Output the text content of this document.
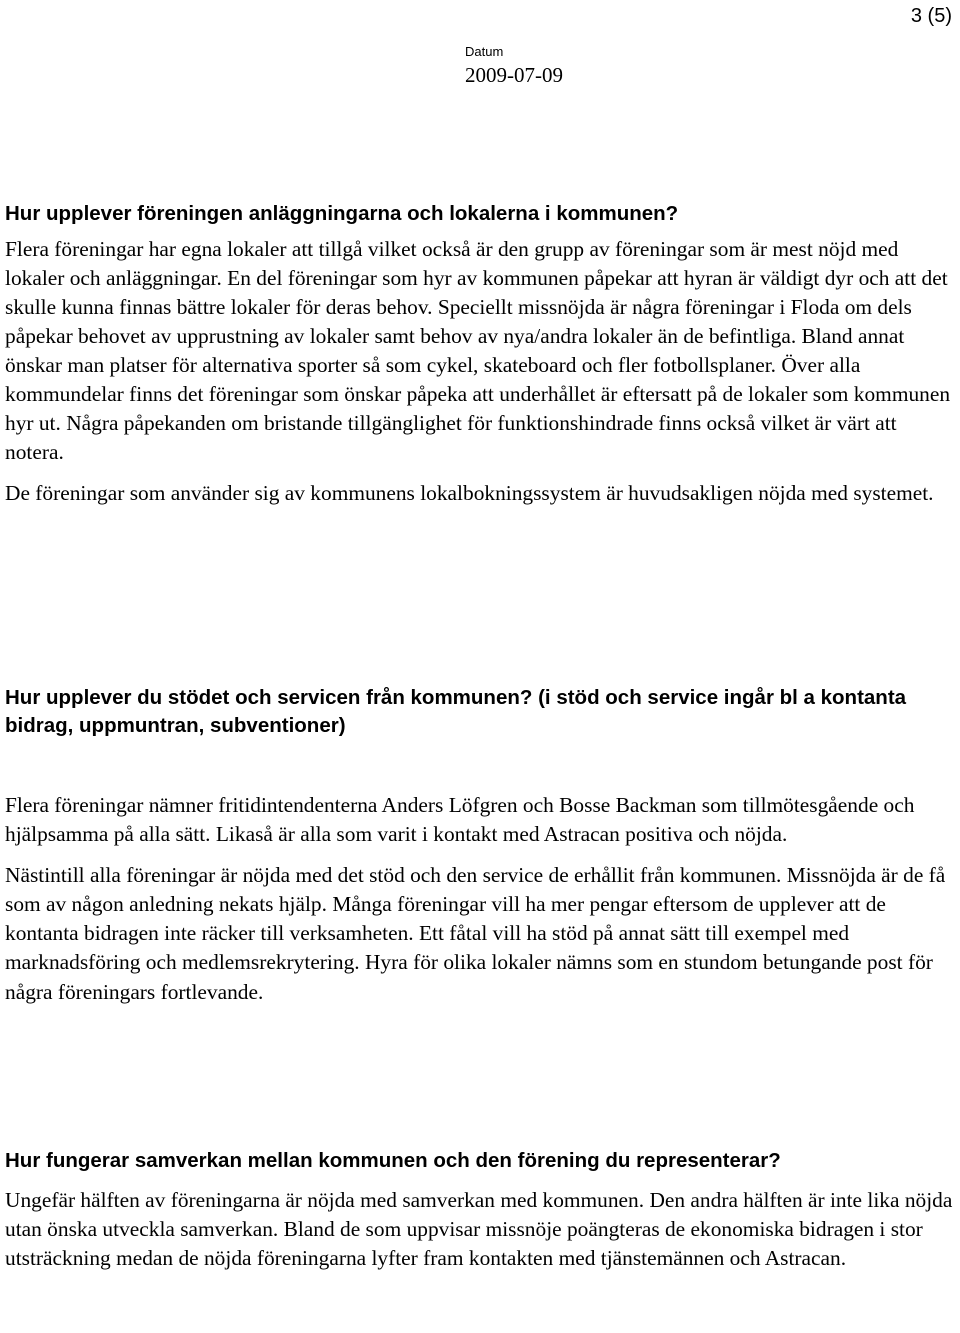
3 (5)
Datum
2009-07-09
Hur upplever föreningen anläggningarna och lokalerna i kommunen?

Flera föreningar har egna lokaler att tillgå vilket också är den grupp av föreningar som är mest nöjd med lokaler och anläggningar. En del föreningar som hyr av kommunen påpekar att hyran är väldigt dyr och att det skulle kunna finnas bättre lokaler för deras behov. Speciellt missnöjda är några föreningar i Floda om dels påpekar behovet av upprustning av lokaler samt behov av nya/andra lokaler än de befintliga. Bland annat önskar man platser för alternativa sporter så som cykel, skateboard och fler fotbollsplaner. Över alla kommundelar finns det föreningar som önskar påpeka att underhållet är eftersatt på de lokaler som kommunen hyr ut. Några påpekanden om bristande tillgänglighet för funktionshindrade finns också vilket är värt att notera.

De föreningar som använder sig av kommunens lokalbokningssystem är huvudsakligen nöjda med systemet.

Hur upplever du stödet och servicen från kommunen? (i stöd och service ingår bl a kontanta bidrag, uppmuntran, subventioner)

Flera föreningar nämner fritidintendenterna Anders Löfgren och Bosse Backman som tillmötesgående och hjälpsamma på alla sätt. Likaså är alla som varit i kontakt med Astracan positiva och nöjda.

Nästintill alla föreningar är nöjda med det stöd och den service de erhållit från kommunen. Missnöjda är de få som av någon anledning nekats hjälp. Många föreningar vill ha mer pengar eftersom de upplever att de kontanta bidragen inte räcker till verksamheten. Ett fåtal vill ha stöd på annat sätt till exempel med marknadsföring och medlemsrekrytering. Hyra för olika lokaler nämns som en stundom betungande post för några föreningars fortlevande.

Hur fungerar samverkan mellan kommunen och den förening du representerar?

Ungefär hälften av föreningarna är nöjda med samverkan med kommunen. Den andra hälften är inte lika nöjda utan önska utveckla samverkan. Bland de som uppvisar missnöje poängteras de ekonomiska bidragen i stor utsträckning medan de nöjda föreningarna lyfter fram kontakten med tjänstemännen och Astracan.
